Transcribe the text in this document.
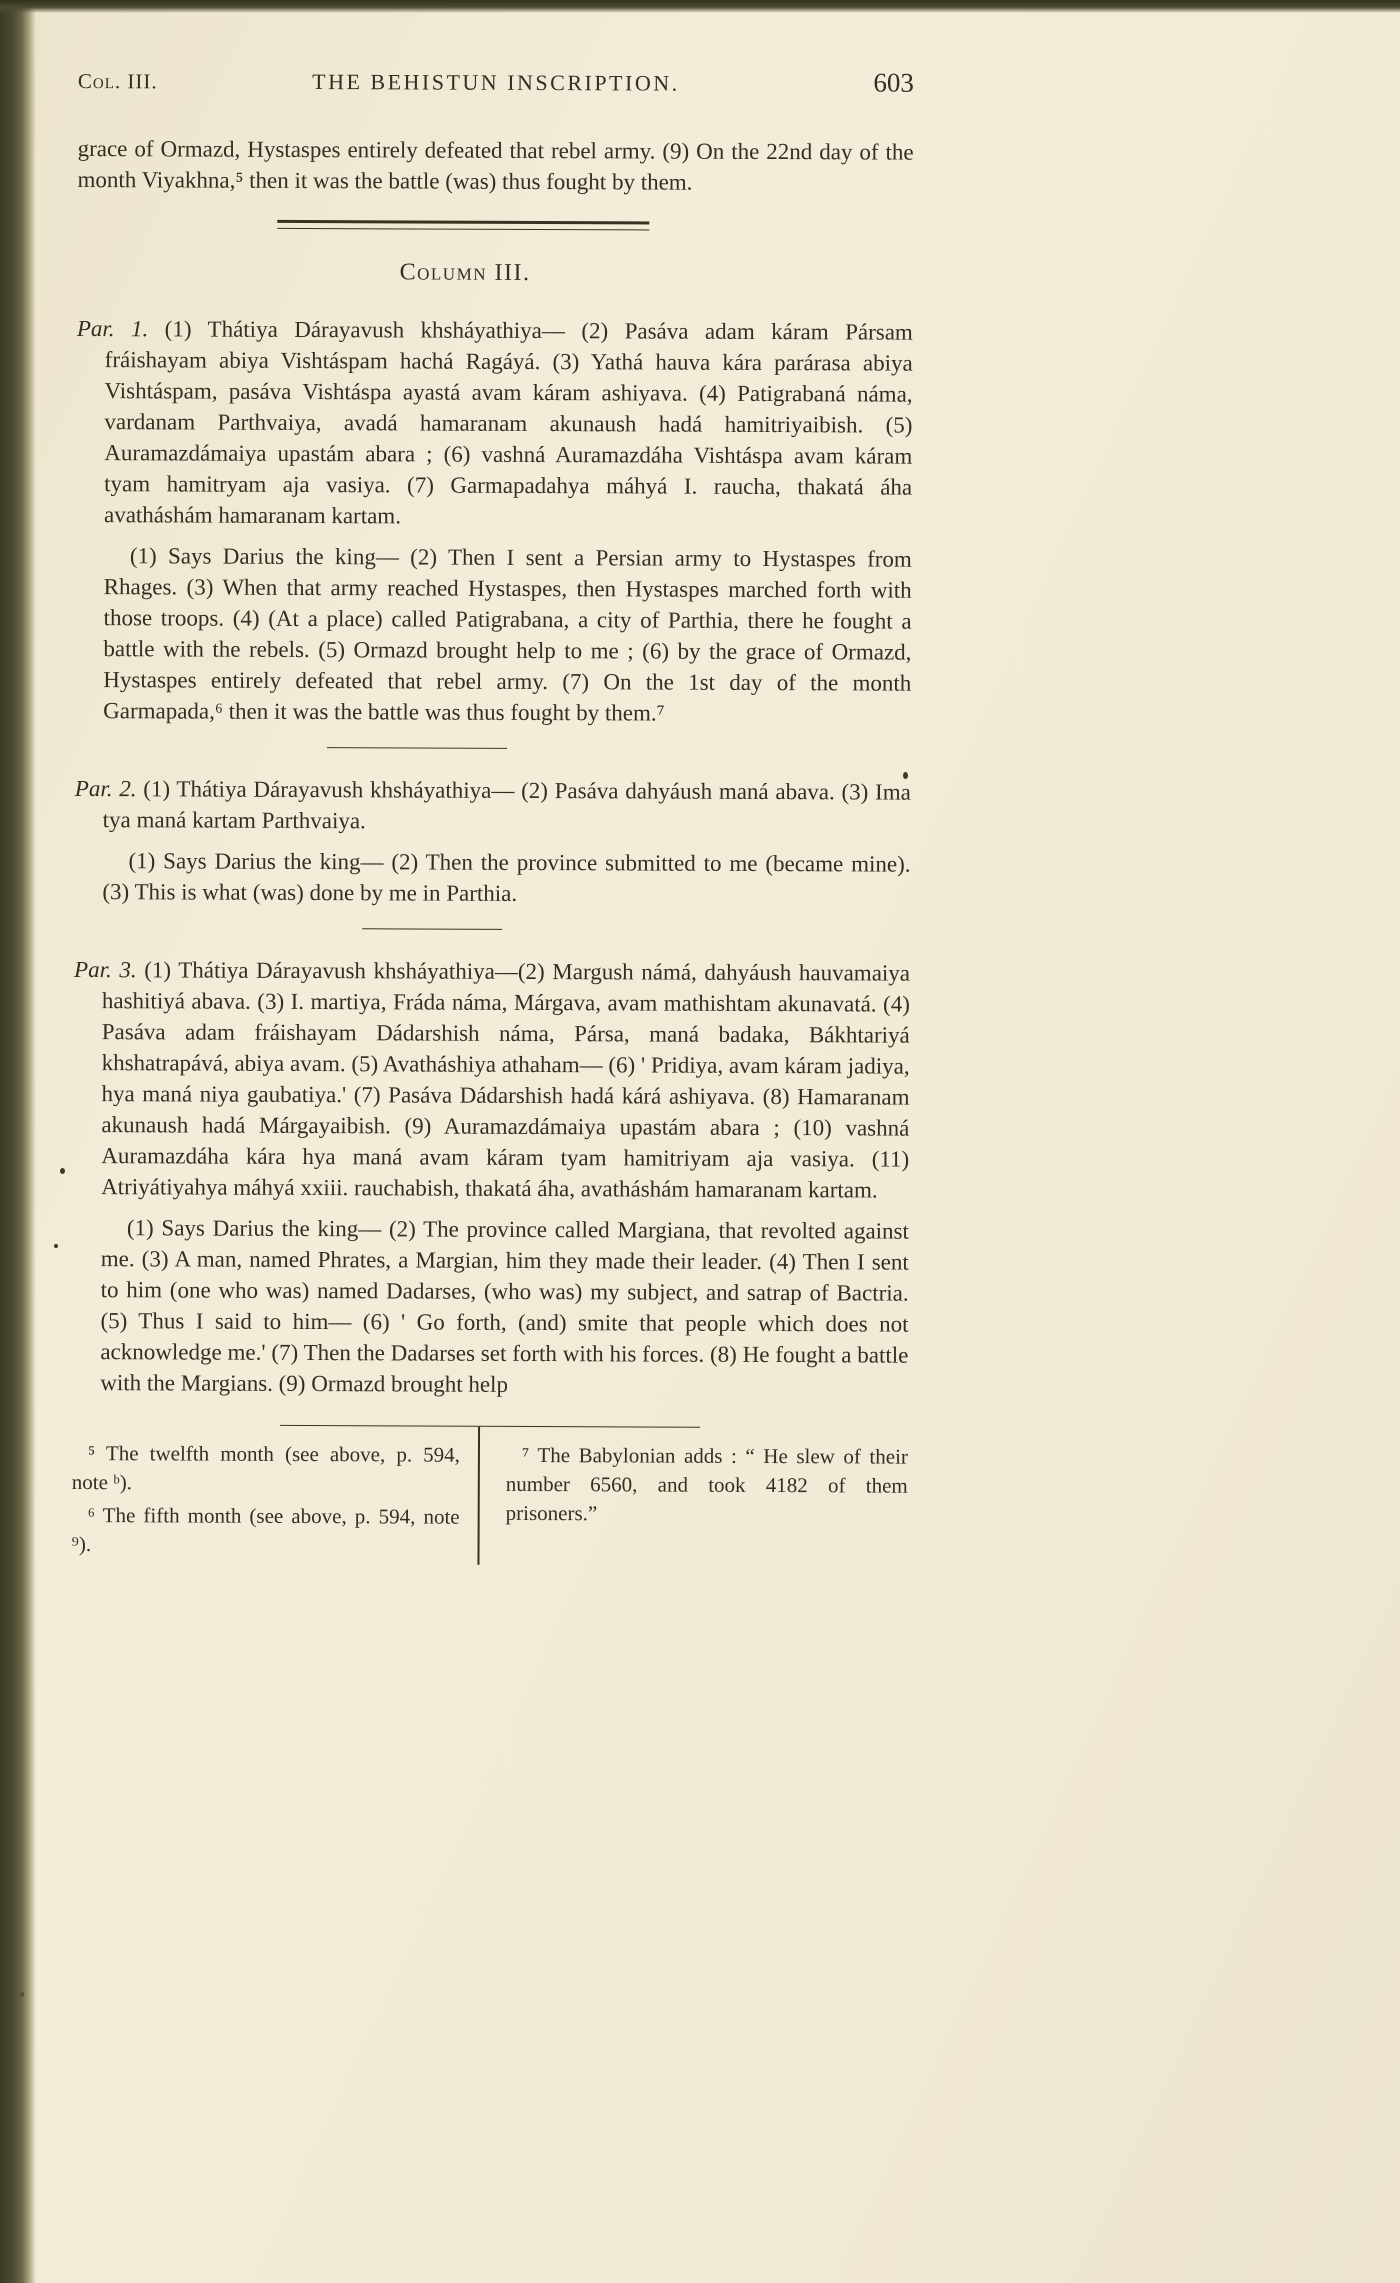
Col. III.	THE BEHISTUN INSCRIPTION.	603

grace of Ormazd, Hystaspes entirely defeated that rebel army. (9) On the 22nd day of the month Viyakhna,⁵ then it was the battle (was) thus fought by them.

Column III.

Par. 1. (1) Thátiya Dárayavush khsháyathiya— (2) Pasáva adam káram Pársam fráishayam abiya Vishtáspam hachá Ragáyá. (3) Yathá hauva kára parárasa abiya Vishtáspam, pasáva Vishtáspa ayastá avam káram ashiyava. (4) Patigrabaná náma, vardanam Parthvaiya, avadá hamaranam akunaush hadá hamitriyaibish. (5) Auramazdámaiya upastám abara ; (6) vashná Auramazdáha Vishtáspa avam káram tyam hamitryam aja vasiya. (7) Garmapadahya máhyá I. raucha, thakatá áha avatháshám hamaranam kartam.

(1) Says Darius the king— (2) Then I sent a Persian army to Hystaspes from Rhages. (3) When that army reached Hystaspes, then Hystaspes marched forth with those troops. (4) (At a place) called Patigrabana, a city of Parthia, there he fought a battle with the rebels. (5) Ormazd brought help to me ; (6) by the grace of Ormazd, Hystaspes entirely defeated that rebel army. (7) On the 1st day of the month Garmapada,⁶ then it was the battle was thus fought by them.⁷

Par. 2. (1) Thátiya Dárayavush khsháyathiya— (2) Pasáva dahyáush maná abava. (3) Ima tya maná kartam Parthvaiya.

(1) Says Darius the king— (2) Then the province submitted to me (became mine). (3) This is what (was) done by me in Parthia.

Par. 3. (1) Thátiya Dárayavush khsháyathiya—(2) Margush námá, dahyáush hauvamaiya hashitiyá abava. (3) I. martiya, Fráda náma, Márgava, avam mathishtam akunavatá. (4) Pasáva adam fráishayam Dádarshish náma, Pársa, maná badaka, Bákhtariyá khshatrapává, abiya avam. (5) Avatháshiya athaham— (6) ' Pridiya, avam káram jadiya, hya maná niya gaubatiya.' (7) Pasáva Dádarshish hadá kárá ashiyava. (8) Hamaranam akunaush hadá Márgayaibish. (9) Auramazdámaiya upastám abara ; (10) vashná Auramazdáha kára hya maná avam káram tyam hamitriyam aja vasiya. (11) Atriyátiyahya máhyá xxiii. rauchabish, thakatá áha, avatháshám hamaranam kartam.

(1) Says Darius the king— (2) The province called Margiana, that revolted against me. (3) A man, named Phrates, a Margian, him they made their leader. (4) Then I sent to him (one who was) named Dadarses, (who was) my subject, and satrap of Bactria. (5) Thus I said to him— (6) ' Go forth, (and) smite that people which does not acknowledge me.' (7) Then the Dadarses set forth with his forces. (8) He fought a battle with the Margians. (9) Ormazd brought help

⁵ The twelfth month (see above, p. 594, note ᵇ).

⁶ The fifth month (see above, p. 594, note ⁹).

⁷ The Babylonian adds : “ He slew of their number 6560, and took 4182 of them prisoners.”
